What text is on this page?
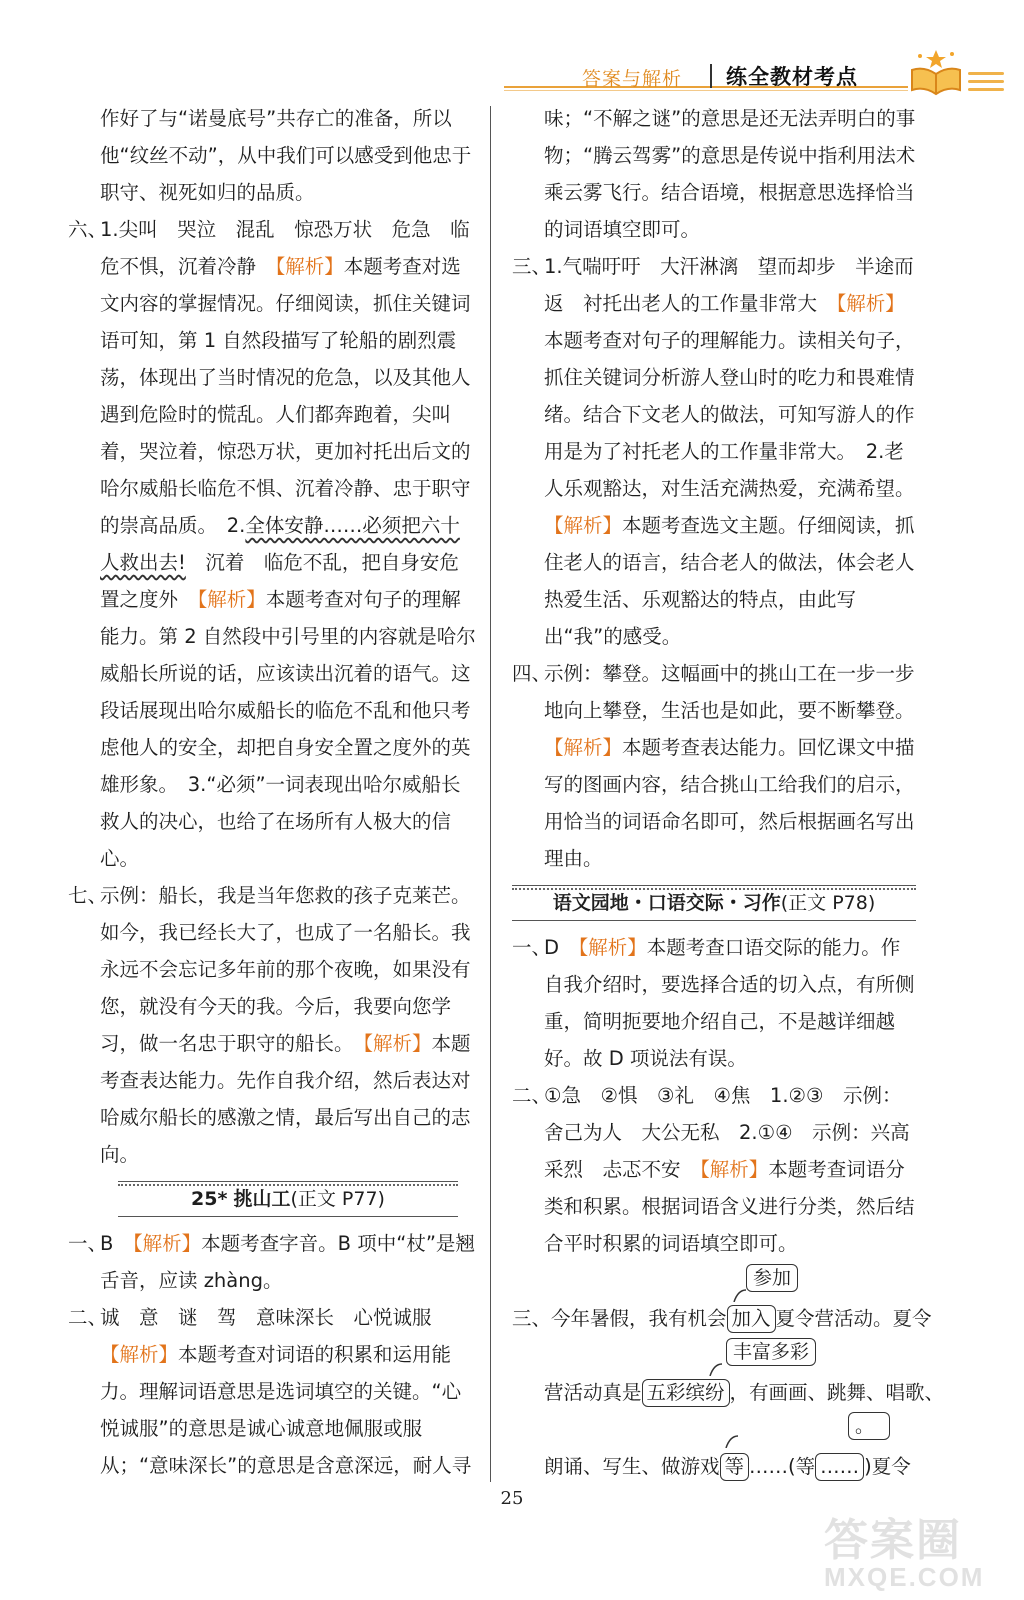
答案与解析 练全教材考点
作好了与“诺曼底号”共存亡的准备，所以他“纹丝不动”，从中我们可以感受到他忠于职守、视死如归的品质。
六、
1.尖叫　哭泣　混乱　惊恐万状　危急　临危不惧，沉着冷静　【解析】本题考查对选文内容的掌握情况。仔细阅读，抓住关键词语可知，第 1 自然段描写了轮船的剧烈震荡，体现出了当时情况的危急，以及其他人遇到危险时的慌乱。人们都奔跑着，尖叫着，哭泣着，惊恐万状，更加衬托出后文的哈尔威船长临危不惧、沉着冷静、忠于职守的崇高品质。　2.全体安静……必须把六十人救出去!　沉着　临危不乱，把自身安危置之度外　【解析】本题考查对句子的理解能力。第 2 自然段中引号里的内容就是哈尔威船长所说的话，应该读出沉着的语气。这段话展现出哈尔威船长的临危不乱和他只考虑他人的安全，却把自身安全置之度外的英雄形象。　3.“必须”一词表现出哈尔威船长救人的决心，也给了在场所有人极大的信心。
七、
示例：船长，我是当年您救的孩子克莱芒。如今，我已经长大了，也成了一名船长。我永远不会忘记多年前的那个夜晚，如果没有您，就没有今天的我。今后，我要向您学习，做一名忠于职守的船长。　【解析】本题考查表达能力。先作自我介绍，然后表达对哈威尔船长的感激之情，最后写出自己的志向。
25* 挑山工(正文 P77)
一、
B　【解析】本题考查字音。B 项中“杖”是翘舌音，应读 zhàng。
二、
诚　意　谜　驾　意味深长　心悦诚服
【解析】本题考查对词语的积累和运用能力。理解词语意思是选词填空的关键。“心悦诚服”的意思是诚心诚意地佩服或服从；“意味深长”的意思是含意深远，耐人寻
味；“不解之谜”的意思是还无法弄明白的事物；“腾云驾雾”的意思是传说中指利用法术乘云雾飞行。结合语境，根据意思选择恰当的词语填空即可。
三、
1.气喘吁吁　大汗淋漓　望而却步　半途而返　衬托出老人的工作量非常大　【解析】本题考查对句子的理解能力。读相关句子，抓住关键词分析游人登山时的吃力和畏难情绪。结合下文老人的做法，可知写游人的作用是为了衬托老人的工作量非常大。　2.老人乐观豁达，对生活充满热爱，充满希望。　【解析】本题考查选文主题。仔细阅读，抓住老人的语言，结合老人的做法，体会老人热爱生活、乐观豁达的特点，由此写出“我”的感受。
四、
示例：攀登。这幅画中的挑山工在一步一步地向上攀登，生活也是如此，要不断攀登。　【解析】本题考查表达能力。回忆课文中描写的图画内容，结合挑山工给我们的启示，用恰当的词语命名即可，然后根据画名写出理由。
语文园地・口语交际・习作(正文 P78)
一、
D　【解析】本题考查口语交际的能力。作自我介绍时，要选择合适的切入点，有所侧重，简明扼要地介绍自己，不是越详细越好。故 D 项说法有误。
二、
①急　②惧　③礼　④焦　1.②③　示例：舍己为人　大公无私　2.①④　示例：兴高采烈　忐忑不安　【解析】本题考查词语分类和积累。根据词语含义进行分类，然后结合平时积累的词语填空即可。
三、今年暑假，我有机会 加入 夏令营活动。夏令
参加
营活动真是 五彩缤纷 ，有画画、跳舞、唱歌、
丰富多彩
朗诵、写生、做游戏 等 ……(等 …… )夏令
。
25
答案圈
MXQE.COM
